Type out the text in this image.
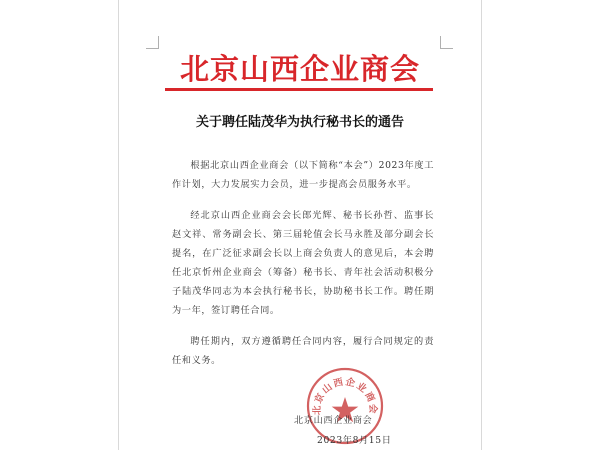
北京山西企业商会
关于聘任陆茂华为执行秘书长的通告

根据北京山西企业商会（以下简称“本会”）2023年度工作计划，大力发展实力会员，进一步提高会员服务水平。

经北京山西企业商会会长郎光辉、秘书长孙哲、监事长赵文祥、常务副会长、第三届轮值会长马永胜及部分副会长提名，在广泛征求副会长以上商会负责人的意见后，本会聘任北京忻州企业商会（筹备）秘书长、青年社会活动积极分子陆茂华同志为本会执行秘书长，协助秘书长工作。聘任期为一年，签订聘任合同。

聘任期内，双方遵循聘任合同内容，履行合同规定的责任和义务。

北京山西企业商会
北京山西企业商会
2023年8月15日
